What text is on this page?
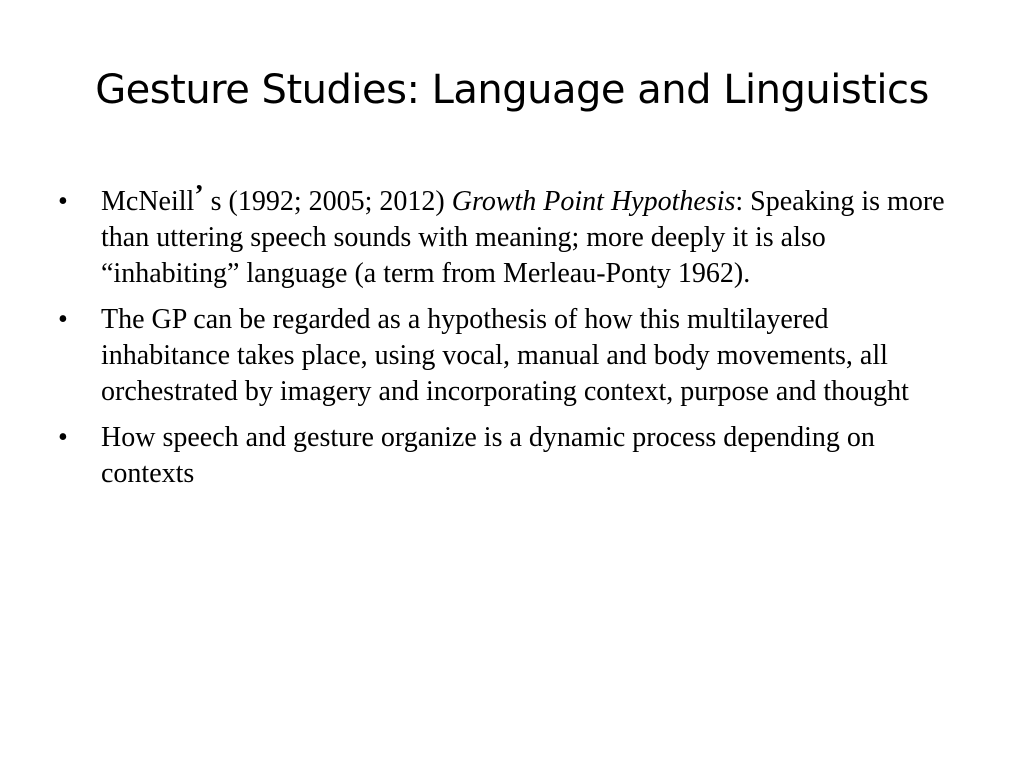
Gesture Studies: Language and Linguistics
•	McNeill’ s (1992; 2005; 2012) Growth Point Hypothesis: Speaking is more than uttering speech sounds with meaning; more deeply it is also “inhabiting” language (a term from Merleau-Ponty 1962).
•	The GP can be regarded as a hypothesis of how this multilayered inhabitance takes place, using vocal, manual and body movements, all orchestrated by imagery and incorporating context, purpose and thought
•	How speech and gesture organize is a dynamic process depending on contexts
